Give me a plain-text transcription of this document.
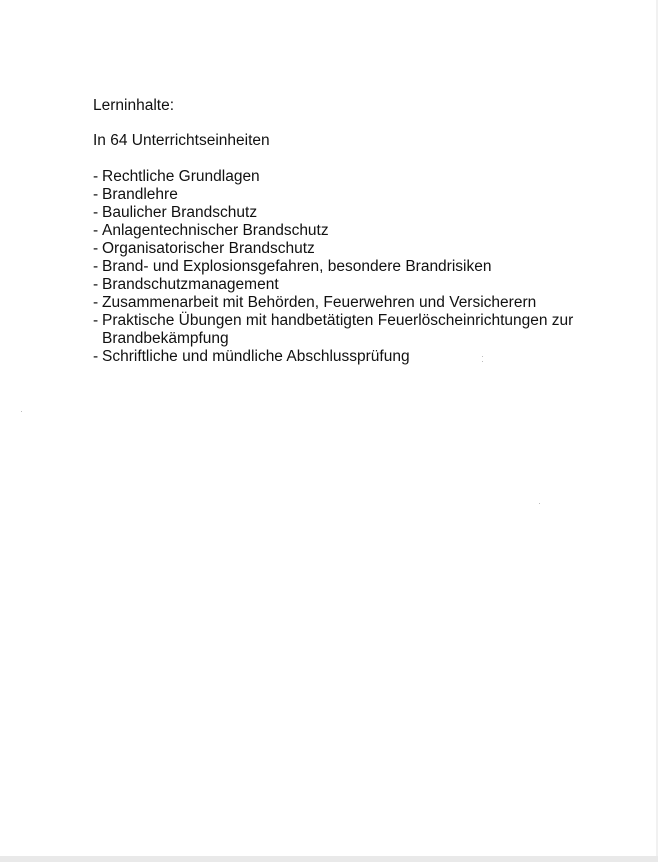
Lerninhalte:

In 64 Unterrichtseinheiten

- Rechtliche Grundlagen
- Brandlehre
- Baulicher Brandschutz
- Anlagentechnischer Brandschutz
- Organisatorischer Brandschutz
- Brand- und Explosionsgefahren, besondere Brandrisiken
- Brandschutzmanagement
- Zusammenarbeit mit Behörden, Feuerwehren und Versicherern
- Praktische Übungen mit handbetätigten Feuerlöscheinrichtungen zur Brandbekämpfung
- Schriftliche und mündliche Abschlussprüfung
